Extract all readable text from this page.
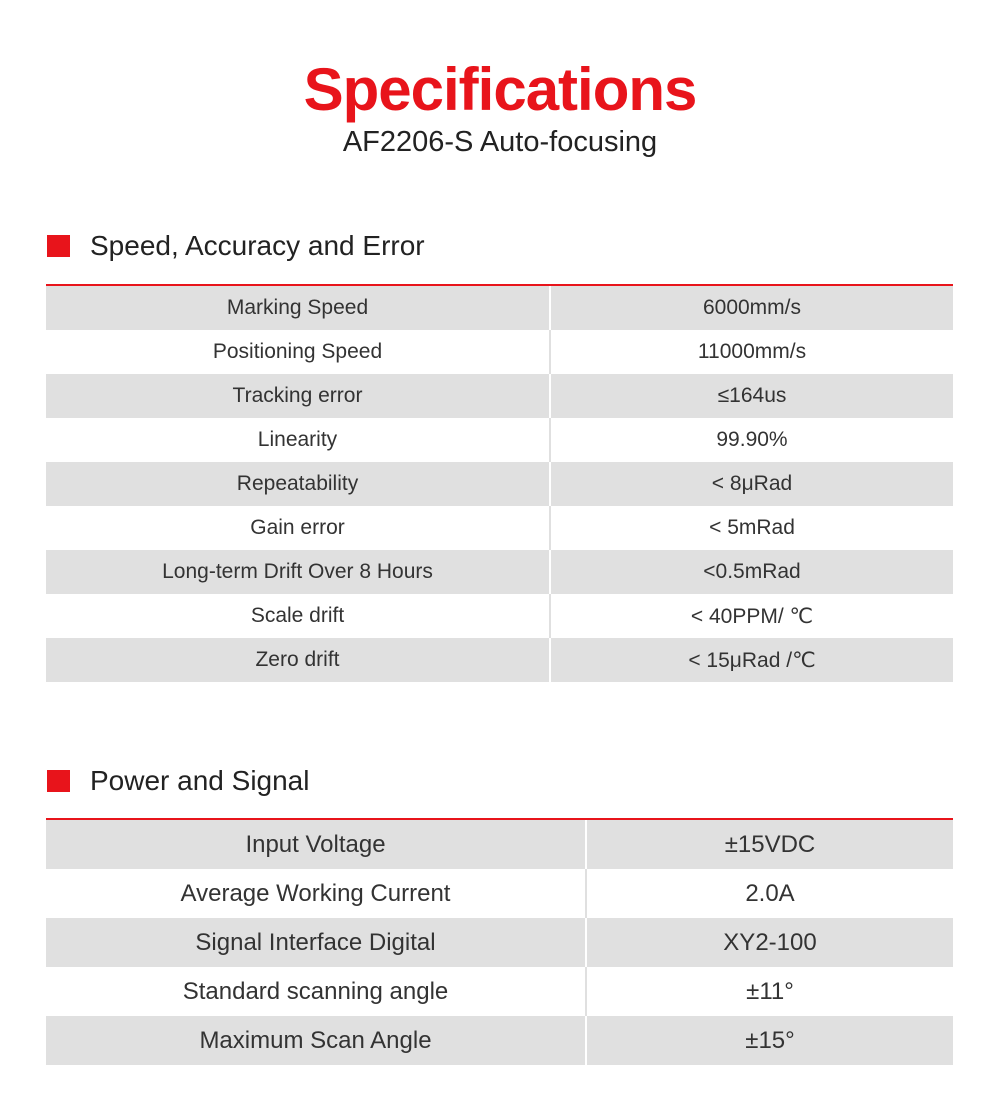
Specifications
AF2206-S Auto-focusing
Speed, Accuracy and Error
Marking Speed	6000mm/s
Positioning Speed	11000mm/s
Tracking error	≤164us
Linearity	99.90%
Repeatability	< 8μRad
Gain error	< 5mRad
Long-term Drift Over 8 Hours	<0.5mRad
Scale drift	< 40PPM/ ℃
Zero drift	< 15μRad /℃
Power and Signal
Input Voltage	±15VDC
Average Working Current	2.0A
Signal Interface Digital	XY2-100
Standard scanning angle	±11°
Maximum Scan Angle	±15°
